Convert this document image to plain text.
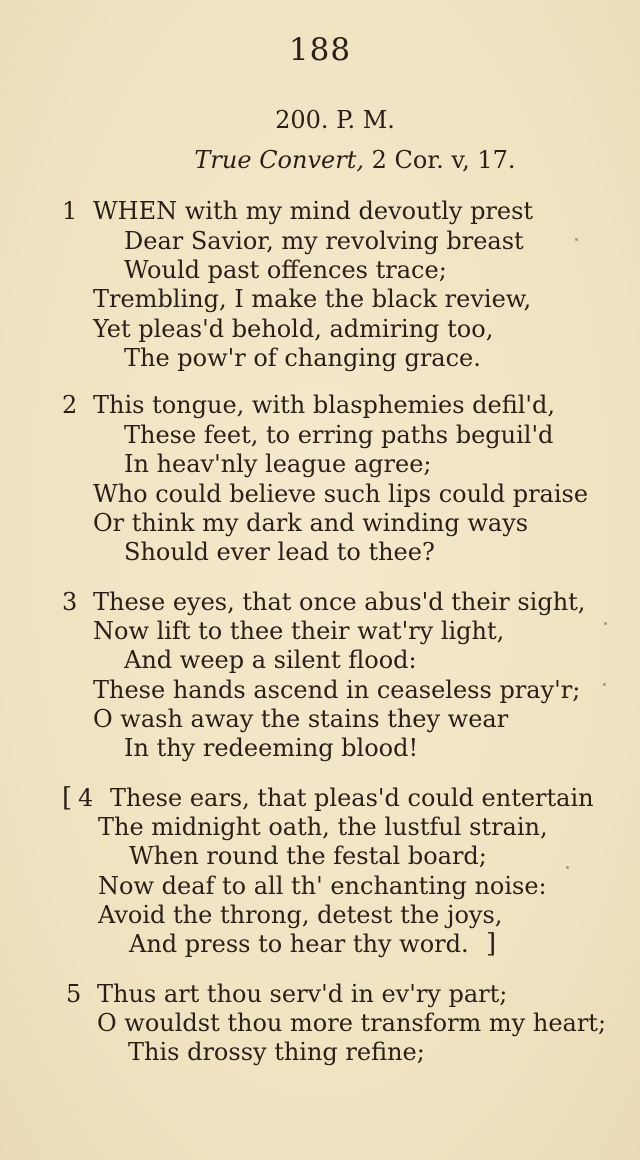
188
200. P. M.
True Convert, 2 Cor. v, 17.
1 WHEN with my mind devoutly prest
Dear Savior, my revolving breast
Would past offences trace;
Trembling, I make the black review,
Yet pleas'd behold, admiring too,
The pow'r of changing grace.
2 This tongue, with blasphemies defil'd,
These feet, to erring paths beguil'd
In heav'nly league agree;
Who could believe such lips could praise
Or think my dark and winding ways
Should ever lead to thee?
3 These eyes, that once abus'd their sight,
Now lift to thee their wat'ry light,
And weep a silent flood:
These hands ascend in ceaseless pray'r;
O wash away the stains they wear
In thy redeeming blood!
[ 4 These ears, that pleas'd could entertain
The midnight oath, the lustful strain,
When round the festal board;
Now deaf to all th' enchanting noise:
Avoid the throng, detest the joys,
And press to hear thy word. ]
5 Thus art thou serv'd in ev'ry part;
O wouldst thou more transform my heart;
This drossy thing refine;
